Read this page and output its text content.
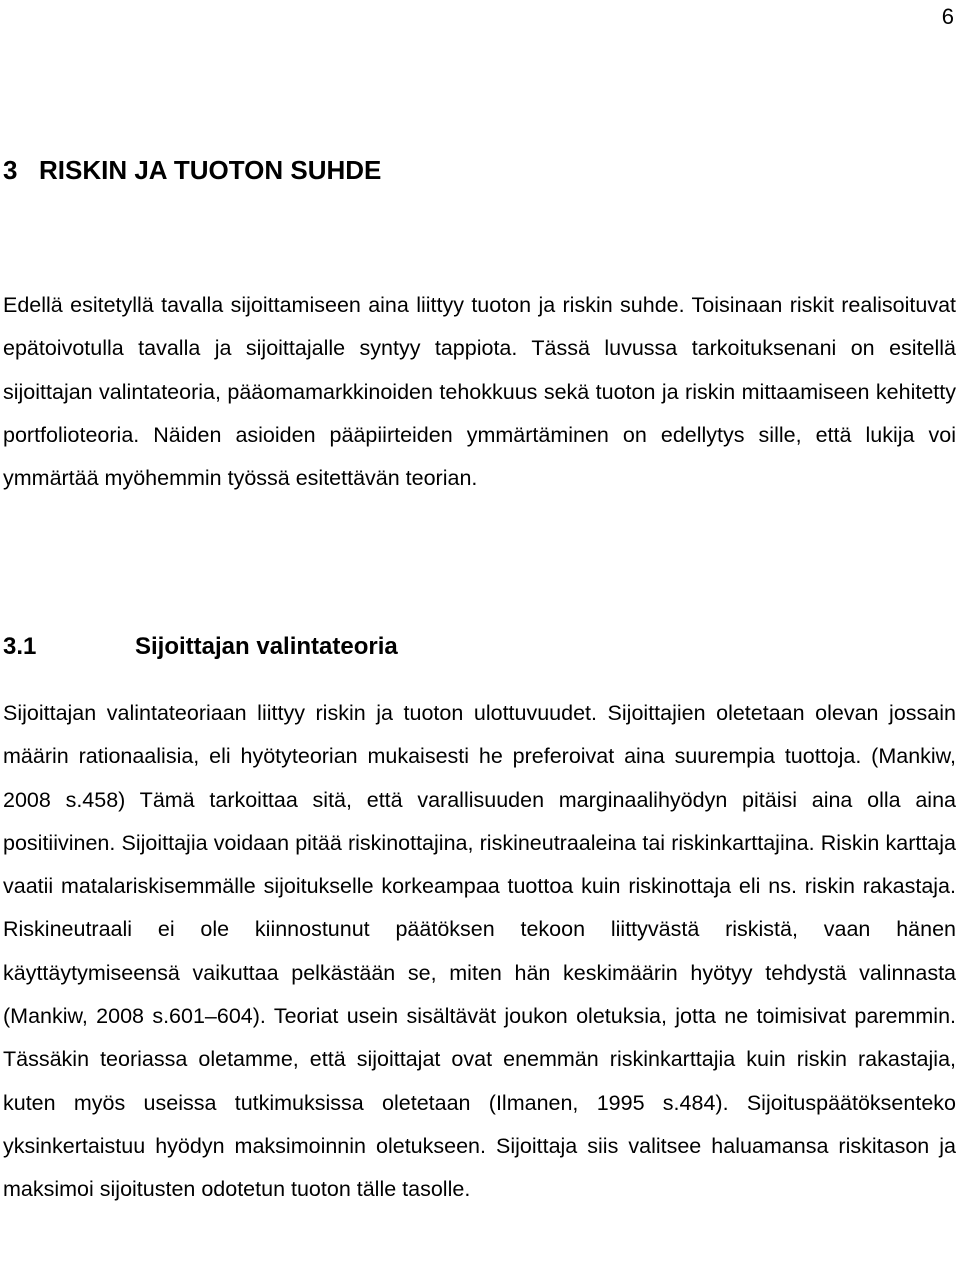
6
3 RISKIN JA TUOTON SUHDE

Edellä esitetyllä tavalla sijoittamiseen aina liittyy tuoton ja riskin suhde. Toisinaan riskit realisoituvat epätoivotulla tavalla ja sijoittajalle syntyy tappiota. Tässä luvussa tarkoituksenani on esitellä sijoittajan valintateoria, pääomamarkkinoiden tehokkuus sekä tuoton ja riskin mittaamiseen kehitetty portfolioteoria. Näiden asioiden pääpiirteiden ymmärtäminen on edellytys sille, että lukija voi ymmärtää myöhemmin työssä esitettävän teorian.

3.1	Sijoittajan valintateoria

Sijoittajan valintateoriaan liittyy riskin ja tuoton ulottuvuudet. Sijoittajien oletetaan olevan jossain määrin rationaalisia, eli hyötyteorian mukaisesti he preferoivat aina suurempia tuottoja. (Mankiw, 2008 s.458) Tämä tarkoittaa sitä, että varallisuuden marginaalihyödyn pitäisi aina olla aina positiivinen. Sijoittajia voidaan pitää riskinottajina, riskineutraaleina tai riskinkarttajina. Riskin karttaja vaatii matalariskisemmälle sijoitukselle korkeampaa tuottoa kuin riskinottaja eli ns. riskin rakastaja. Riskineutraali ei ole kiinnostunut päätöksen tekoon liittyvästä riskistä, vaan hänen käyttäytymiseensä vaikuttaa pelkästään se, miten hän keskimäärin hyötyy tehdystä valinnasta (Mankiw, 2008 s.601–604). Teoriat usein sisältävät joukon oletuksia, jotta ne toimisivat paremmin. Tässäkin teoriassa oletamme, että sijoittajat ovat enemmän riskinkarttajia kuin riskin rakastajia, kuten myös useissa tutkimuksissa oletetaan (Ilmanen, 1995 s.484). Sijoituspäätöksenteko yksinkertaistuu hyödyn maksimoinnin oletukseen. Sijoittaja siis valitsee haluamansa riskitason ja maksimoi sijoitusten odotetun tuoton tälle tasolle.
